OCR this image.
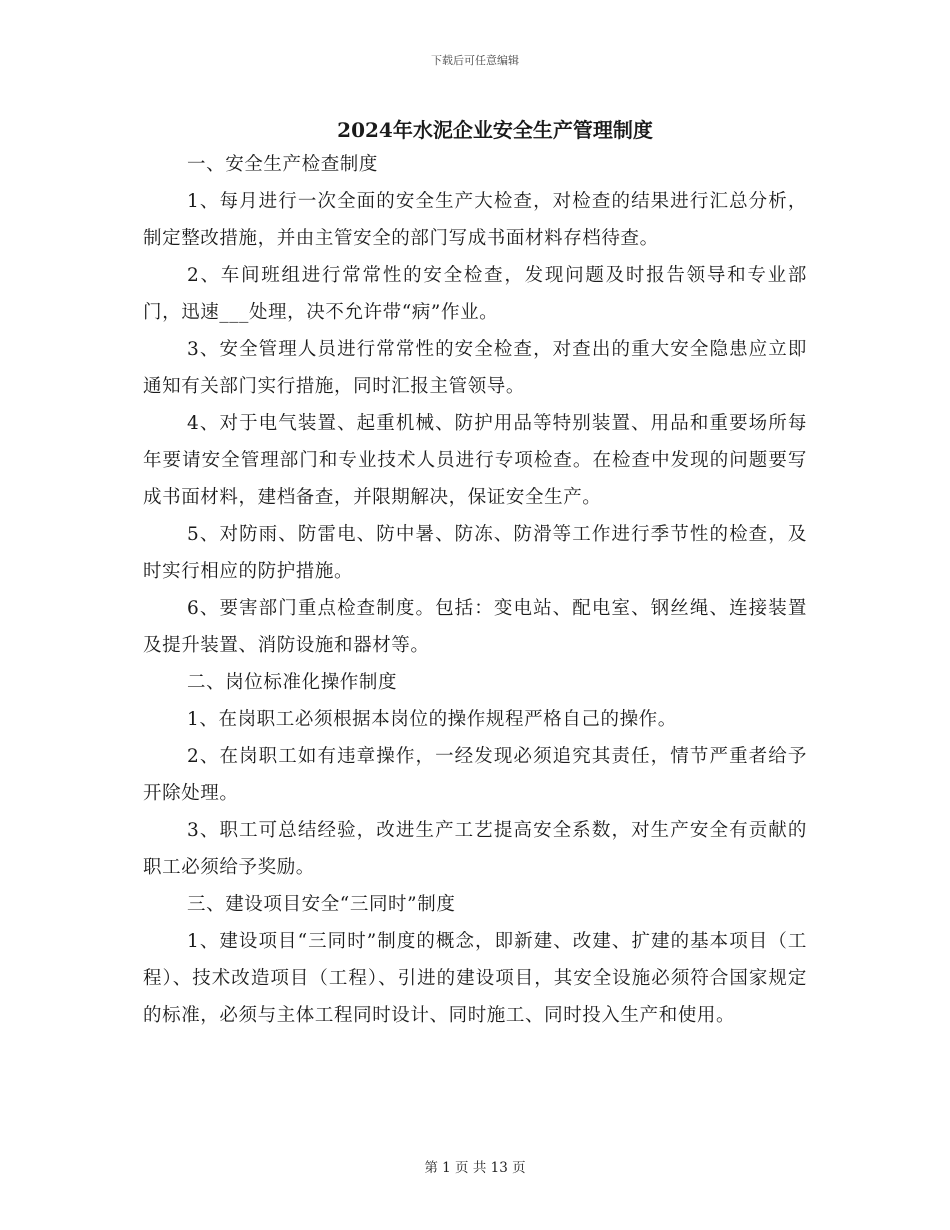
下载后可任意编辑
2024年水泥企业安全生产管理制度

一、安全生产检查制度

1、每月进行一次全面的安全生产大检查，对检查的结果进行汇总分析，制定整改措施，并由主管安全的部门写成书面材料存档待查。

2、车间班组进行常常性的安全检查，发现问题及时报告领导和专业部门，迅速___处理，决不允许带“病”作业。

3、安全管理人员进行常常性的安全检查，对查出的重大安全隐患应立即通知有关部门实行措施，同时汇报主管领导。

4、对于电气装置、起重机械、防护用品等特别装置、用品和重要场所每年要请安全管理部门和专业技术人员进行专项检查。在检查中发现的问题要写成书面材料，建档备查，并限期解决，保证安全生产。

5、对防雨、防雷电、防中暑、防冻、防滑等工作进行季节性的检查，及时实行相应的防护措施。

6、要害部门重点检查制度。包括：变电站、配电室、钢丝绳、连接装置及提升装置、消防设施和器材等。

二、岗位标准化操作制度

1、在岗职工必须根据本岗位的操作规程严格自己的操作。

2、在岗职工如有违章操作，一经发现必须追究其责任，情节严重者给予开除处理。

3、职工可总结经验，改进生产工艺提高安全系数，对生产安全有贡献的职工必须给予奖励。

三、建设项目安全“三同时”制度

1、建设项目“三同时”制度的概念，即新建、改建、扩建的基本项目（工程）、技术改造项目（工程）、引进的建设项目，其安全设施必须符合国家规定的标准，必须与主体工程同时设计、同时施工、同时投入生产和使用。

第 1 页 共 13 页
